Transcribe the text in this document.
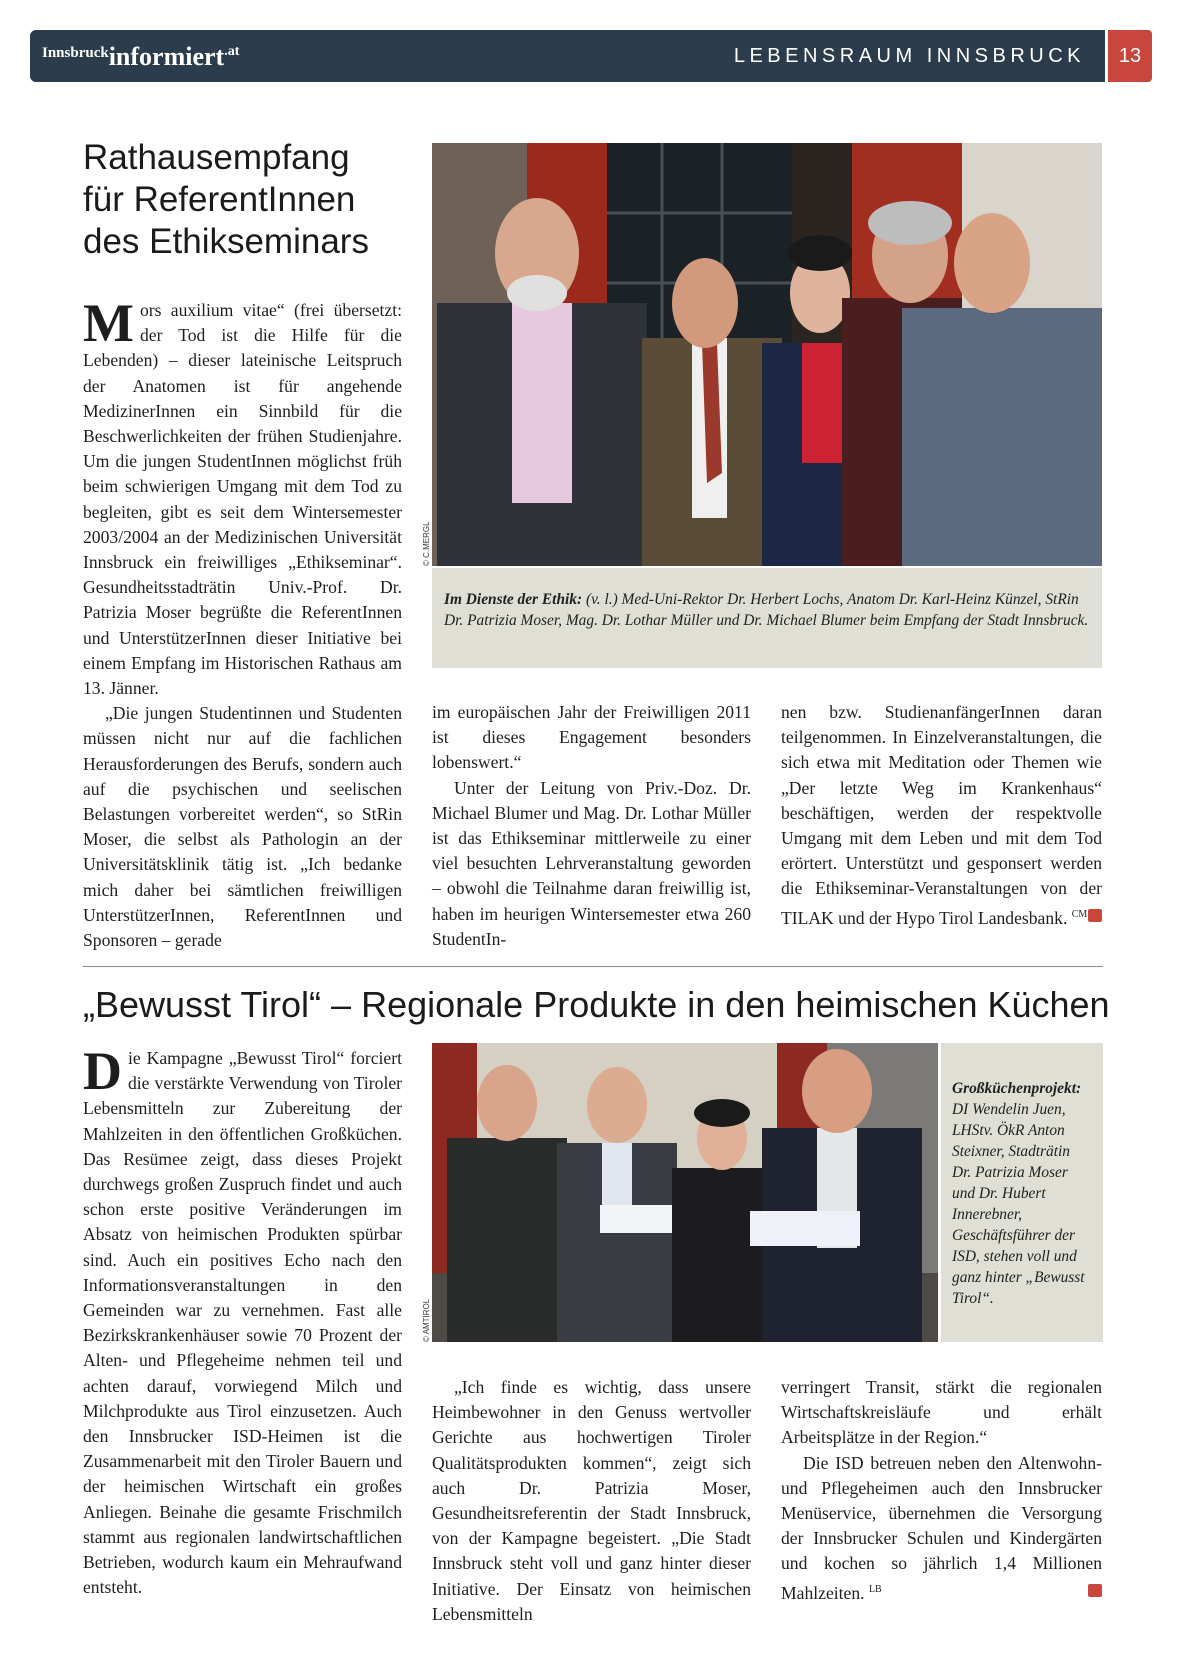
Innsbruckinformiert.at	LEBENSRAUM INNSBRUCK	13
Rathausempfang für ReferentInnen des Ethikseminars
© C.MERGL
Im Dienste der Ethik: (v. l.) Med-Uni-Rektor Dr. Herbert Lochs, Anatom Dr. Karl-Heinz Künzel, StRin Dr. Patrizia Moser, Mag. Dr. Lothar Müller und Dr. Michael Blumer beim Empfang der Stadt Innsbruck.

Mors auxilium vitae“ (frei übersetzt: der Tod ist die Hilfe für die Lebenden) – dieser lateinische Leitspruch der Anatomen ist für angehende MedizinerInnen ein Sinnbild für die Beschwerlichkeiten der frühen Studienjahre. Um die jungen StudentInnen möglichst früh beim schwierigen Umgang mit dem Tod zu begleiten, gibt es seit dem Wintersemester 2003/2004 an der Medizinischen Universität Innsbruck ein freiwilliges „Ethikseminar“. Gesundheitsstadträtin Univ.-Prof. Dr. Patrizia Moser begrüßte die ReferentInnen und UnterstützerInnen dieser Initiative bei einem Empfang im Historischen Rathaus am 13. Jänner.

„Die jungen Studentinnen und Studenten müssen nicht nur auf die fachlichen Herausforderungen des Berufs, sondern auch auf die psychischen und seelischen Belastungen vorbereitet werden“, so StRin Moser, die selbst als Pathologin an der Universitätsklinik tätig ist. „Ich bedanke mich daher bei sämtlichen freiwilligen UnterstützerInnen, ReferentInnen und Sponsoren – gerade

im europäischen Jahr der Freiwilligen 2011 ist dieses Engagement besonders lobenswert.“

Unter der Leitung von Priv.-Doz. Dr. Michael Blumer und Mag. Dr. Lothar Müller ist das Ethikseminar mittlerweile zu einer viel besuchten Lehrveranstaltung geworden – obwohl die Teilnahme daran freiwillig ist, haben im heurigen Wintersemester etwa 260 StudentIn-

nen bzw. StudienanfängerInnen daran teilgenommen. In Einzelveranstaltungen, die sich etwa mit Meditation oder Themen wie „Der letzte Weg im Krankenhaus“ beschäftigen, werden der respektvolle Umgang mit dem Leben und mit dem Tod erörtert. Unterstützt und gesponsert werden die Ethikseminar-Veranstaltungen von der TILAK und der Hypo Tirol Landesbank. $^{CM}$

„Bewusst Tirol“ – Regionale Produkte in den heimischen Küchen
© AMTIROL
Großküchenprojekt: DI Wendelin Juen, LHStv. ÖkR Anton Steixner, Stadträtin Dr. Patrizia Moser und Dr. Hubert Innerebner, Geschäftsführer der ISD, stehen voll und ganz hinter „Bewusst Tirol“.

Die Kampagne „Bewusst Tirol“ forciert die verstärkte Verwendung von Tiroler Lebensmitteln zur Zubereitung der Mahlzeiten in den öffentlichen Großküchen. Das Resümee zeigt, dass dieses Projekt durchwegs großen Zuspruch findet und auch schon erste positive Veränderungen im Absatz von heimischen Produkten spürbar sind. Auch ein positives Echo nach den Informationsveranstaltungen in den Gemeinden war zu vernehmen. Fast alle Bezirkskrankenhäuser sowie 70 Prozent der Alten- und Pflegeheime nehmen teil und achten darauf, vorwiegend Milch und Milchprodukte aus Tirol einzusetzen. Auch den Innsbrucker ISD-Heimen ist die Zusammenarbeit mit den Tiroler Bauern und der heimischen Wirtschaft ein großes Anliegen. Beinahe die gesamte Frischmilch stammt aus regionalen landwirtschaftlichen Betrieben, wodurch kaum ein Mehraufwand entsteht.

„Ich finde es wichtig, dass unsere Heimbewohner in den Genuss wertvoller Gerichte aus hochwertigen Tiroler Qualitätsprodukten kommen“, zeigt sich auch Dr. Patrizia Moser, Gesundheitsreferentin der Stadt Innsbruck, von der Kampagne begeistert. „Die Stadt Innsbruck steht voll und ganz hinter dieser Initiative. Der Einsatz von heimischen Lebensmitteln

verringert Transit, stärkt die regionalen Wirtschaftskreisläufe und erhält Arbeitsplätze in der Region.“

Die ISD betreuen neben den Altenwohn- und Pflegeheimen auch den Innsbrucker Menüservice, übernehmen die Versorgung der Innsbrucker Schulen und Kindergärten und kochen so jährlich 1,4 Millionen Mahlzeiten. $^{LB}$
